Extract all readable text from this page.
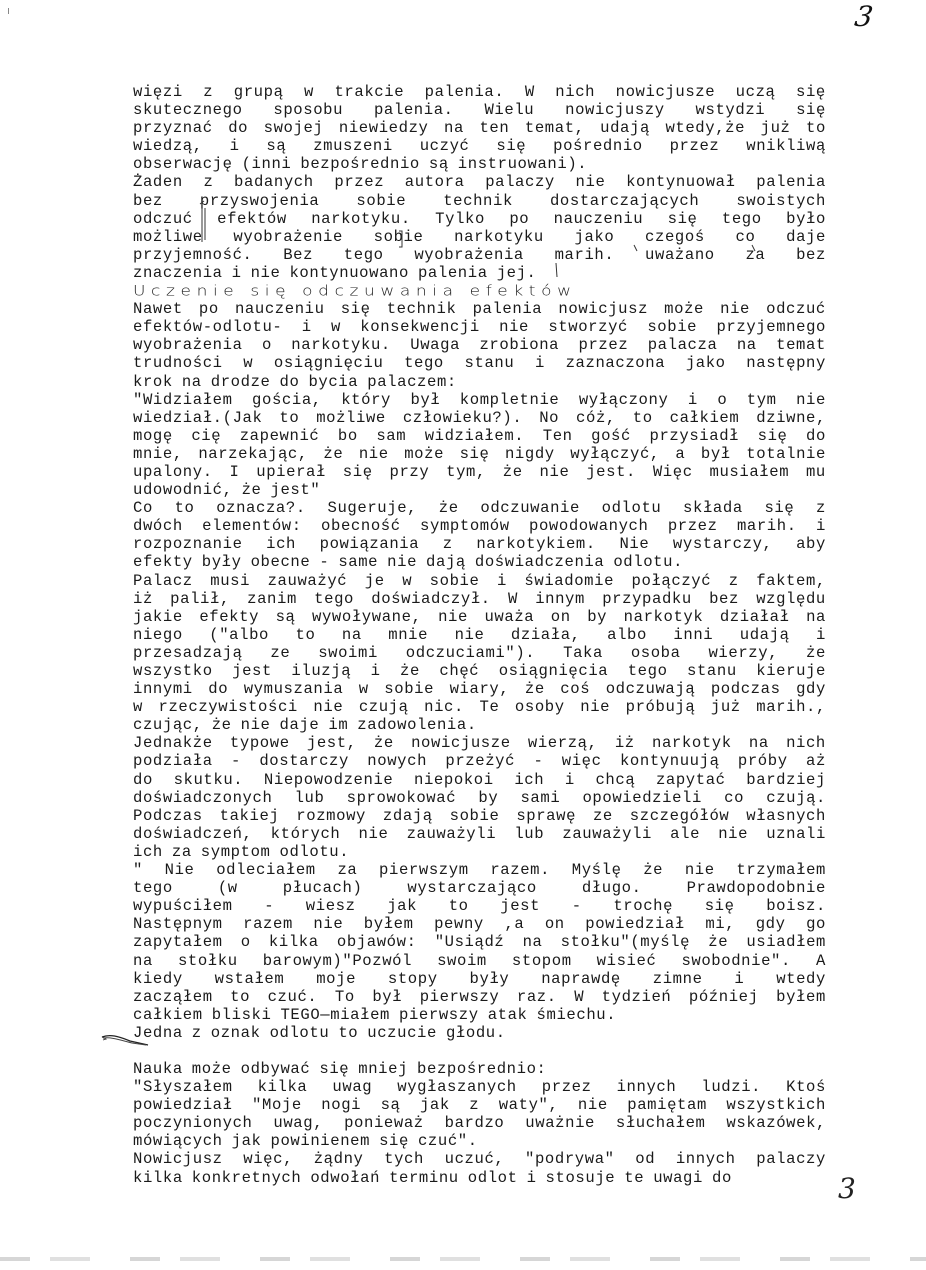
3
więzi z grupą w trakcie palenia. W nich nowicjusze uczą się
skutecznego sposobu palenia. Wielu nowicjuszy wstydzi się
przyznać do swojej niewiedzy na ten temat, udają wtedy,że już to
wiedzą, i są zmuszeni uczyć się pośrednio przez wnikliwą
obserwację (inni bezpośrednio są instruowani).
Żaden z badanych przez autora palaczy nie kontynuował palenia
bez przyswojenia sobie technik dostarczających swoistych
odczuć efektów narkotyku. Tylko po nauczeniu się tego było
możliwe wyobrażenie sobie narkotyku jako czegoś co daje
przyjemność. Bez tego wyobrażenia marih. uważano za bez
znaczenia i nie kontynuowano palenia jej.
Uczenie się odczuwania efektów
Nawet po nauczeniu się technik palenia nowicjusz może nie odczuć
efektów-odlotu- i w konsekwencji nie stworzyć sobie przyjemnego
wyobrażenia o narkotyku. Uwaga zrobiona przez palacza na temat
trudności w osiągnięciu tego stanu i zaznaczona jako następny
krok na drodze do bycia palaczem:
"Widziałem gościa, który był kompletnie wyłączony i o tym nie
wiedział.(Jak to możliwe człowieku?). No cóż, to całkiem dziwne,
mogę cię zapewnić bo sam widziałem. Ten gość przysiadł się do
mnie, narzekając, że nie może się nigdy wyłączyć, a był totalnie
upalony. I upierał się przy tym, że nie jest. Więc musiałem mu
udowodnić, że jest"
Co to oznacza?. Sugeruje, że odczuwanie odlotu składa się z
dwóch elementów: obecność symptomów powodowanych przez marih. i
rozpoznanie ich powiązania z narkotykiem. Nie wystarczy, aby
efekty były obecne - same nie dają doświadczenia odlotu.
Palacz musi zauważyć je w sobie i świadomie połączyć z faktem,
iż palił, zanim tego doświadczył. W innym przypadku bez względu
jakie efekty są wywoływane, nie uważa on by narkotyk działał na
niego ("albo to na mnie nie działa, albo inni udają i
przesadzają ze swoimi odczuciami"). Taka osoba wierzy, że
wszystko jest iluzją i że chęć osiągnięcia tego stanu kieruje
innymi do wymuszania w sobie wiary, że coś odczuwają podczas gdy
w rzeczywistości nie czują nic. Te osoby nie próbują już marih.,
czując, że nie daje im zadowolenia.
Jednakże typowe jest, że nowicjusze wierzą, iż narkotyk na nich
podziała - dostarczy nowych przeżyć - więc kontynuują próby aż
do skutku. Niepowodzenie niepokoi ich i chcą zapytać bardziej
doświadczonych lub sprowokować by sami opowiedzieli co czują.
Podczas takiej rozmowy zdają sobie sprawę ze szczegółów własnych
doświadczeń, których nie zauważyli lub zauważyli ale nie uznali
ich za symptom odlotu.
" Nie odleciałem za pierwszym razem. Myślę że nie trzymałem
tego	(w	płucach)	wystarczająco	długo.	Prawdopodobnie
wypuściłem - wiesz jak to jest - trochę się boisz.
Następnym razem nie byłem pewny ,a on powiedział mi, gdy go
zapytałem o kilka objawów: "Usiądź na stołku"(myślę że usiadłem
na stołku barowym)"Pozwól swoim stopom wisieć swobodnie". A
kiedy wstałem moje stopy były naprawdę zimne i wtedy
zacząłem to czuć. To był pierwszy raz. W tydzień później byłem
całkiem bliski TEGO—miałem pierwszy atak śmiechu.
Jedna z oznak odlotu to uczucie głodu.
Nauka może odbywać się mniej bezpośrednio:
"Słyszałem kilka uwag wygłaszanych przez innych ludzi. Ktoś
powiedział "Moje nogi są jak z waty", nie pamiętam wszystkich
poczynionych uwag, ponieważ bardzo uważnie słuchałem wskazówek,
mówiących jak powinienem się czuć".
Nowicjusz więc, żądny tych uczuć, "podrywa" od innych palaczy
kilka konkretnych odwołań terminu odlot i stosuje te uwagi do	3
